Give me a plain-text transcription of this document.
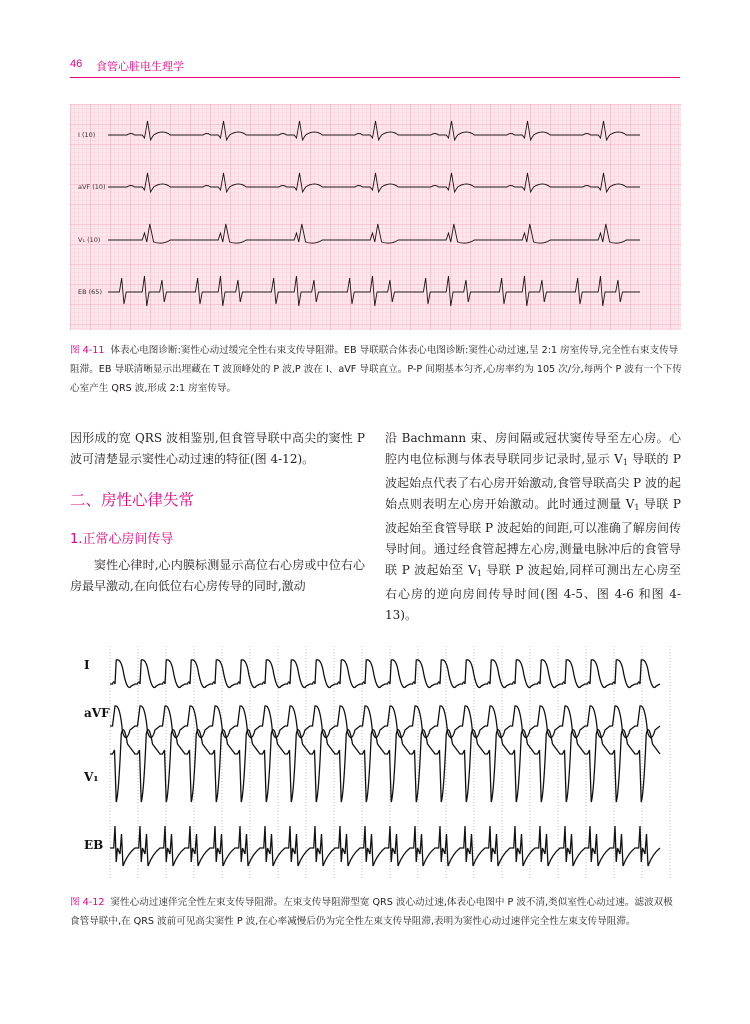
46 食管心脏电生理学
I (10)
aVF (10)
V₁ (10)
EB (65)
图 4-11 体表心电图诊断:窦性心动过缓完全性右束支传导阻滞。EB 导联联合体表心电图诊断:窦性心动过速,呈 2:1 房室传导,完全性右束支传导阻滞。EB 导联清晰显示出埋藏在 T 波顶峰处的 P 波,P 波在 I、aVF 导联直立。P-P 间期基本匀齐,心房率约为 105 次/分,每两个 P 波有一个下传心室产生 QRS 波,形成 2:1 房室传导。
因形成的宽 QRS 波相鉴别,但食管导联中高尖的窦性 P 波可清楚显示窦性心动过速的特征(图 4-12)。
二、房性心律失常
1.正常心房间传导
窦性心律时,心内膜标测显示高位右心房或中位右心房最早激动,在向低位右心房传导的同时,激动
沿 Bachmann 束、房间隔或冠状窦传导至左心房。心腔内电位标测与体表导联同步记录时,显示 $V_1$ 导联的 P 波起始点代表了右心房开始激动,食管导联高尖 P 波的起始点则表明左心房开始激动。此时通过测量 $V_1$ 导联 P 波起始至食管导联 P 波起始的间距,可以准确了解房间传导时间。通过经食管起搏左心房,测量电脉冲后的食管导联 P 波起始至 $V_1$ 导联 P 波起始,同样可测出左心房至右心房的逆向房间传导时间(图 4-5、图 4-6 和图 4-13)。
I
aVF
V₁
EB
图 4-12 窦性心动过速伴完全性左束支传导阻滞。左束支传导阻滞型宽 QRS 波心动过速,体表心电图中 P 波不清,类似室性心动过速。滤波双极食管导联中,在 QRS 波前可见高尖窦性 P 波,在心率减慢后仍为完全性左束支传导阻滞,表明为窦性心动过速伴完全性左束支传导阻滞。
